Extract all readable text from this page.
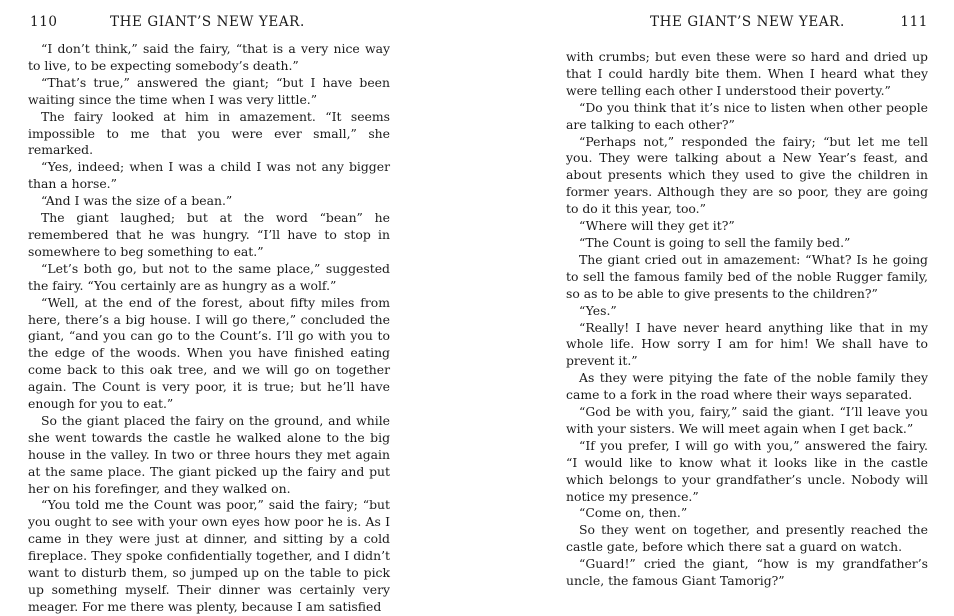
110	THE GIANT’S NEW YEAR.

“I don’t think,” said the fairy, “that is a very nice way to live, to be expecting somebody’s death.”

“That’s true,” answered the giant; “but I have been waiting since the time when I was very little.”

The fairy looked at him in amazement. “It seems impossible to me that you were ever small,” she remarked.

“Yes, indeed; when I was a child I was not any bigger than a horse.”

“And I was the size of a bean.”

The giant laughed; but at the word “bean” he remembered that he was hungry. “I’ll have to stop in somewhere to beg something to eat.”

“Let’s both go, but not to the same place,” suggested the fairy. “You certainly are as hungry as a wolf.”

“Well, at the end of the forest, about fifty miles from here, there’s a big house. I will go there,” concluded the giant, “and you can go to the Count’s. I’ll go with you to the edge of the woods. When you have finished eating come back to this oak tree, and we will go on together again. The Count is very poor, it is true; but he’ll have enough for you to eat.”

So the giant placed the fairy on the ground, and while she went towards the castle he walked alone to the big house in the valley. In two or three hours they met again at the same place. The giant picked up the fairy and put her on his forefinger, and they walked on.

“You told me the Count was poor,” said the fairy; “but you ought to see with your own eyes how poor he is. As I came in they were just at dinner, and sitting by a cold fireplace. They spoke confidentially together, and I didn’t want to disturb them, so jumped up on the table to pick up something myself. Their dinner was certainly very meager. For me there was plenty, because I am satisfied

THE GIANT’S NEW YEAR.	111

with crumbs; but even these were so hard and dried up that I could hardly bite them. When I heard what they were telling each other I understood their poverty.”

“Do you think that it’s nice to listen when other people are talking to each other?”

“Perhaps not,” responded the fairy; “but let me tell you. They were talking about a New Year’s feast, and about presents which they used to give the children in former years. Although they are so poor, they are going to do it this year, too.”

“Where will they get it?”

“The Count is going to sell the family bed.”

The giant cried out in amazement: “What? Is he going to sell the famous family bed of the noble Rugger family, so as to be able to give presents to the children?”

“Yes.”

“Really! I have never heard anything like that in my whole life. How sorry I am for him! We shall have to prevent it.”

As they were pitying the fate of the noble family they came to a fork in the road where their ways separated.

“God be with you, fairy,” said the giant. “I’ll leave you with your sisters. We will meet again when I get back.”

“If you prefer, I will go with you,” answered the fairy. “I would like to know what it looks like in the castle which belongs to your grandfather’s uncle. Nobody will notice my presence.”

“Come on, then.”

So they went on together, and presently reached the castle gate, before which there sat a guard on watch.

“Guard!” cried the giant, “how is my grandfather’s uncle, the famous Giant Tamorig?”
